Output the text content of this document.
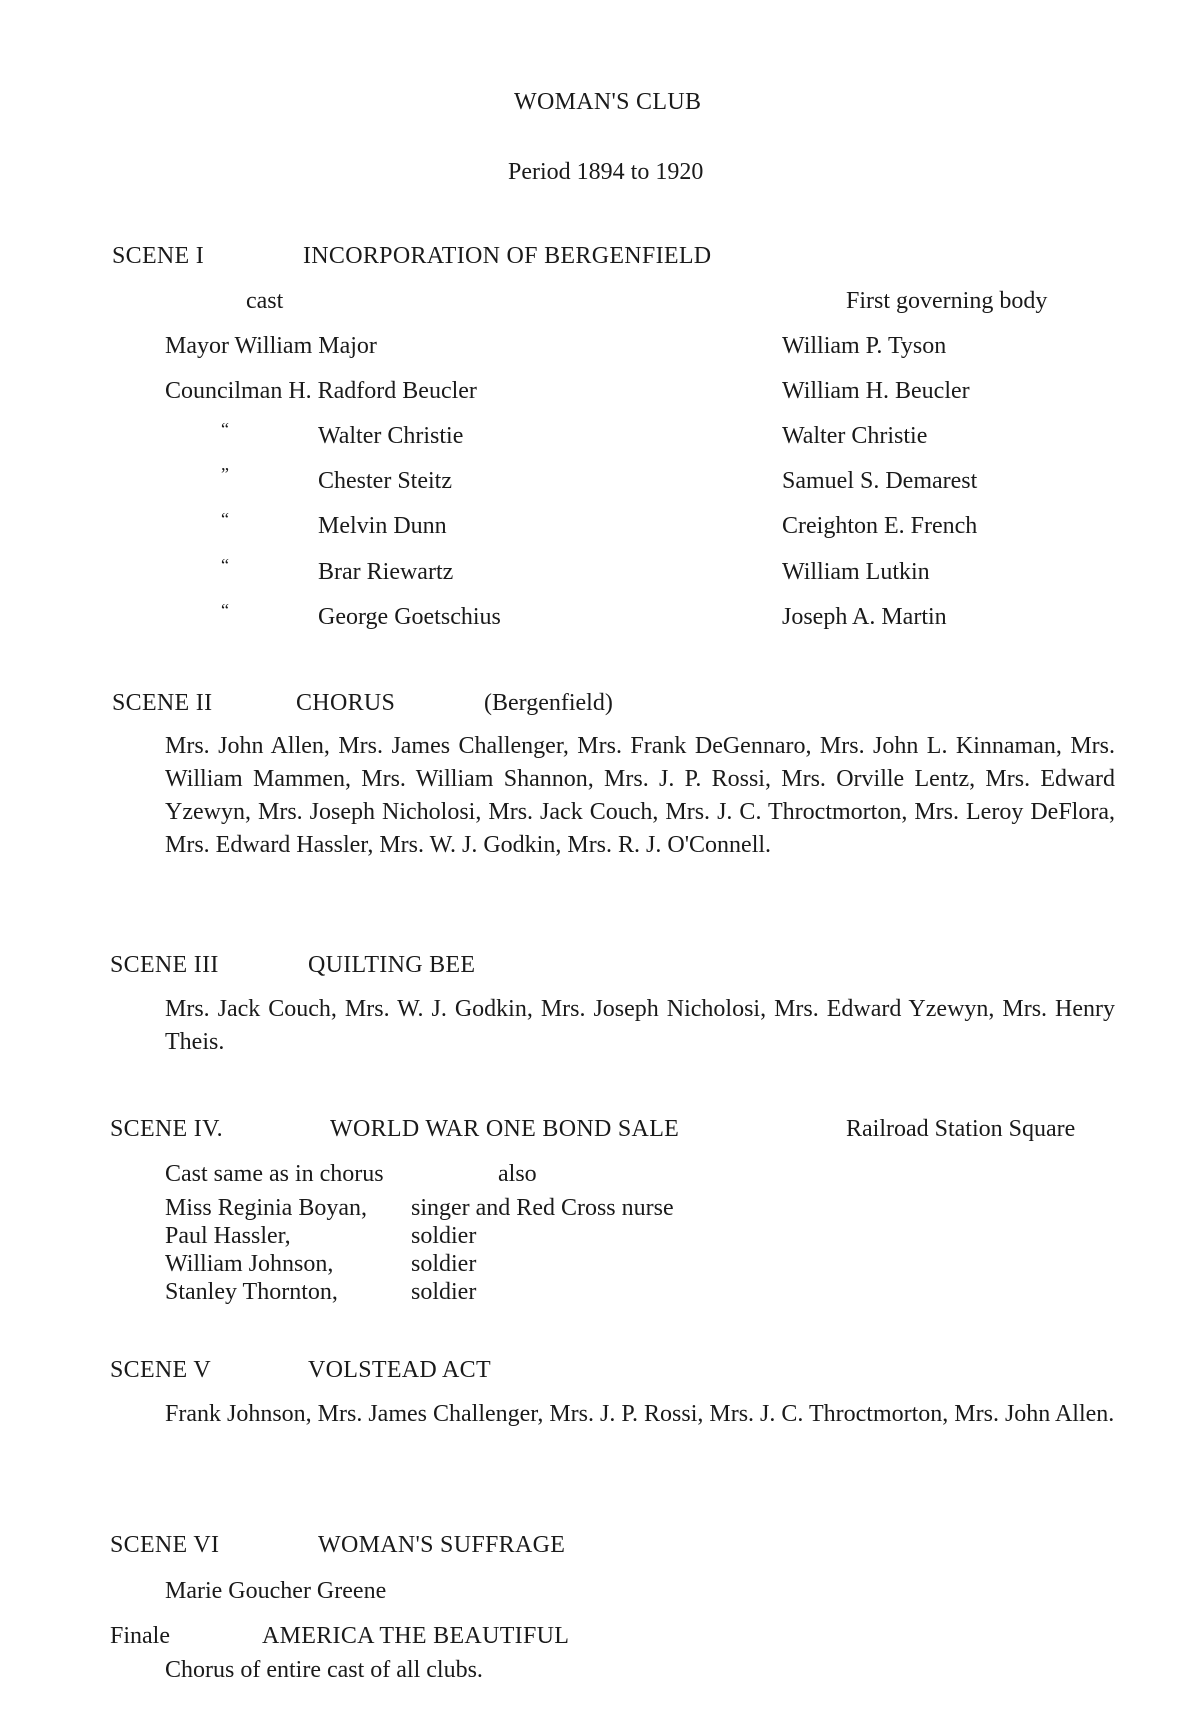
WOMAN'S CLUB
Period 1894 to 1920
SCENE I	INCORPORATION OF BERGENFIELD
cast	First governing body
Mayor William Major	William P. Tyson
Councilman H. Radford Beucler	William H. Beucler
“	Walter Christie	Walter Christie
”	Chester Steitz	Samuel S. Demarest
“	Melvin Dunn	Creighton E. French
“	Brar Riewartz	William Lutkin
“	George Goetschius	Joseph A. Martin
SCENE II	CHORUS	(Bergenfield)
Mrs. John Allen, Mrs. James Challenger, Mrs. Frank DeGennaro, Mrs. John L. Kinnaman, Mrs. William Mammen, Mrs. William Shannon, Mrs. J. P. Rossi, Mrs. Orville Lentz, Mrs. Edward Yzewyn, Mrs. Joseph Nicholosi, Mrs. Jack Couch, Mrs. J. C. Throctmorton, Mrs. Leroy DeFlora, Mrs. Edward Hassler, Mrs. W. J. Godkin, Mrs. R. J. O'Connell.
SCENE III	QUILTING BEE
Mrs. Jack Couch, Mrs. W. J. Godkin, Mrs. Joseph Nicholosi, Mrs. Edward Yzewyn, Mrs. Henry Theis.
SCENE IV.	WORLD WAR ONE BOND SALE	Railroad Station Square
Cast same as in chorus	also
Miss Reginia Boyan, singer and Red Cross nurse
Paul Hassler,	soldier
William Johnson,	soldier
Stanley Thornton,	soldier
SCENE V	VOLSTEAD ACT
Frank Johnson, Mrs. James Challenger, Mrs. J. P. Rossi, Mrs. J. C. Throctmorton, Mrs. John Allen.
SCENE VI	WOMAN'S SUFFRAGE
Marie Goucher Greene
Finale	AMERICA THE BEAUTIFUL
Chorus of entire cast of all clubs.
